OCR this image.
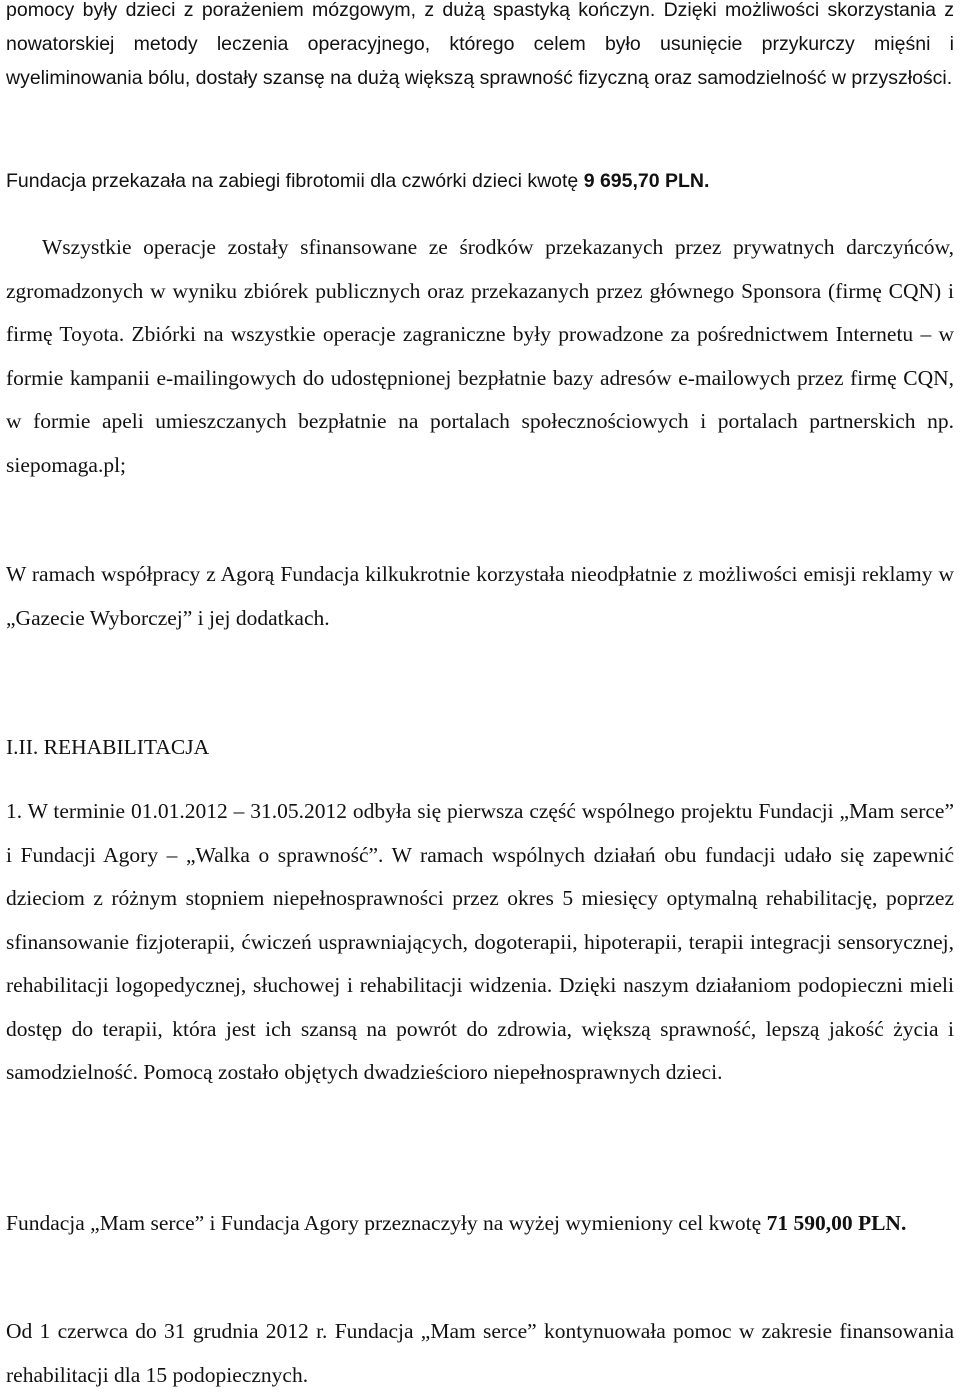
pomocy były dzieci z porażeniem mózgowym, z dużą spastyką kończyn. Dzięki możliwości skorzystania z nowatorskiej metody leczenia operacyjnego, którego celem było usunięcie przykurczy mięśni i wyeliminowania bólu, dostały szansę na dużą większą sprawność fizyczną oraz samodzielność w przyszłości.

Fundacja przekazała na zabiegi fibrotomii dla czwórki dzieci kwotę 9 695,70 PLN.

Wszystkie operacje zostały sfinansowane ze środków przekazanych przez prywatnych darczyńców, zgromadzonych w wyniku zbiórek publicznych oraz przekazanych przez głównego Sponsora (firmę CQN) i firmę Toyota. Zbiórki na wszystkie operacje zagraniczne były prowadzone za pośrednictwem Internetu – w formie kampanii e-mailingowych do udostępnionej bezpłatnie bazy adresów e-mailowych przez firmę CQN, w formie apeli umieszczanych bezpłatnie na portalach społecznościowych i portalach partnerskich np. siepomaga.pl;

W ramach współpracy z Agorą Fundacja kilkukrotnie korzystała nieodpłatnie z możliwości emisji reklamy w „Gazecie Wyborczej” i jej dodatkach.

I.II. REHABILITACJA

1. W terminie 01.01.2012 – 31.05.2012 odbyła się pierwsza część wspólnego projektu Fundacji „Mam serce” i Fundacji Agory – „Walka o sprawność”. W ramach wspólnych działań obu fundacji udało się zapewnić dzieciom z różnym stopniem niepełnosprawności przez okres 5 miesięcy optymalną rehabilitację, poprzez sfinansowanie fizjoterapii, ćwiczeń usprawniających, dogoterapii, hipoterapii, terapii integracji sensorycznej, rehabilitacji logopedycznej, słuchowej i rehabilitacji widzenia. Dzięki naszym działaniom podopieczni mieli dostęp do terapii, która jest ich szansą na powrót do zdrowia, większą sprawność, lepszą jakość życia i samodzielność. Pomocą zostało objętych dwadzieścioro niepełnosprawnych dzieci.

Fundacja „Mam serce” i Fundacja Agory przeznaczyły na wyżej wymieniony cel kwotę 71 590,00 PLN.

Od 1 czerwca do 31 grudnia 2012 r. Fundacja „Mam serce” kontynuowała pomoc w zakresie finansowania rehabilitacji dla 15 podopiecznych.
